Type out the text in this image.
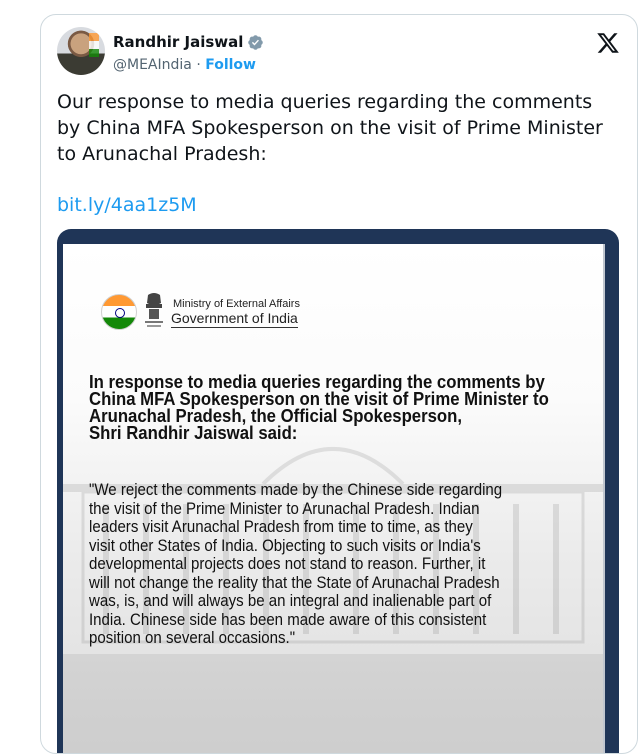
Randhir Jaiswal
@MEAIndia · Follow
Our response to media queries regarding the comments by China MFA Spokesperson on the visit of Prime Minister to Arunachal Pradesh:
bit.ly/4aa1z5M
Ministry of External Affairs
Government of India
In response to media queries regarding the comments by
China MFA Spokesperson on the visit of Prime Minister to
Arunachal Pradesh, the Official Spokesperson,
Shri Randhir Jaiswal said:
"We reject the comments made by the Chinese side regarding
the visit of the Prime Minister to Arunachal Pradesh. Indian
leaders visit Arunachal Pradesh from time to time, as they
visit other States of India. Objecting to such visits or India's
developmental projects does not stand to reason. Further, it
will not change the reality that the State of Arunachal Pradesh
was, is, and will always be an integral and inalienable part of
India. Chinese side has been made aware of this consistent
position on several occasions."
